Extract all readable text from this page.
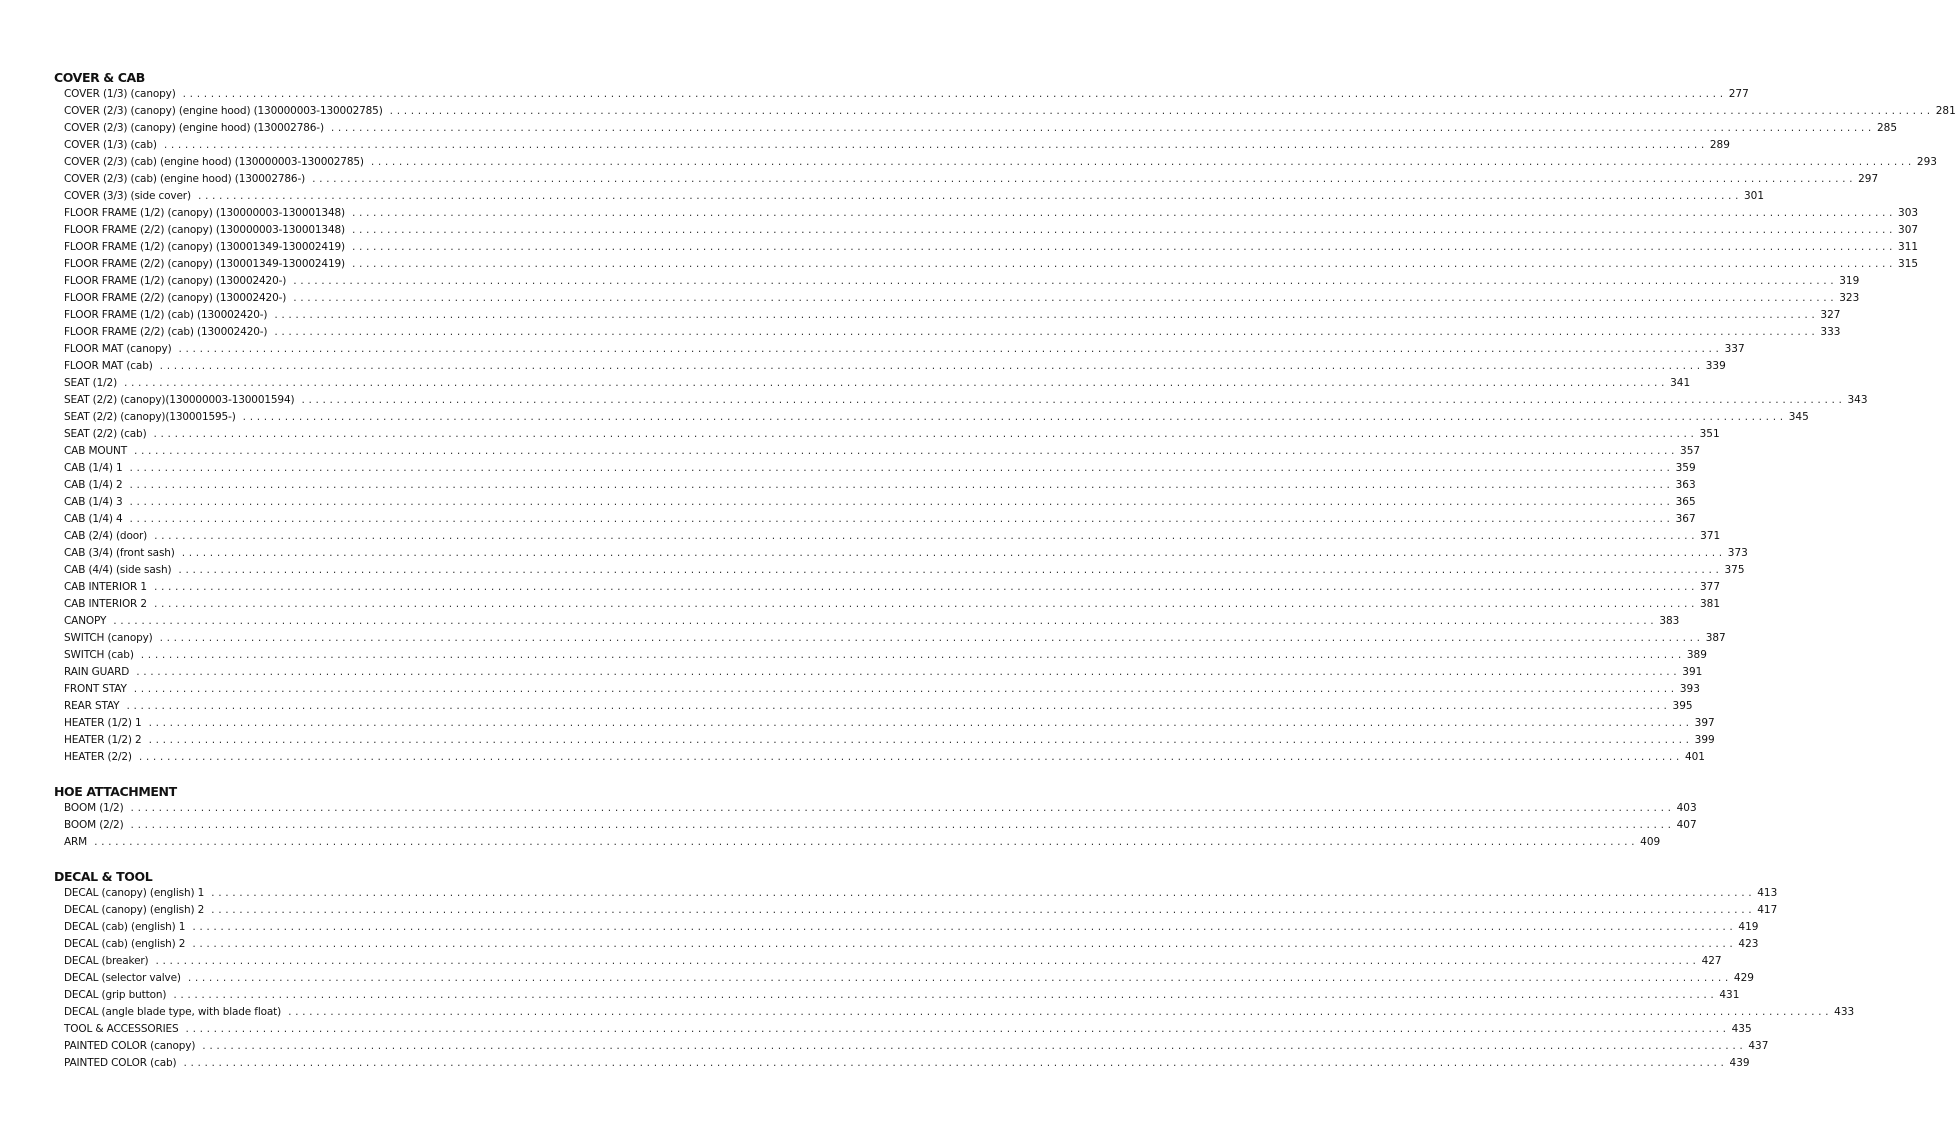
COVER & CAB
COVER (1/3) (canopy) ............................................................................................................................................................................................................................ 277
COVER (2/3) (canopy) (engine hood) (130000003-130002785) ............................................................................................................................................................................................................................ 281
COVER (2/3) (canopy) (engine hood) (130002786-) ............................................................................................................................................................................................................................ 285
COVER (1/3) (cab) ............................................................................................................................................................................................................................ 289
COVER (2/3) (cab) (engine hood) (130000003-130002785) ............................................................................................................................................................................................................................ 293
COVER (2/3) (cab) (engine hood) (130002786-) ............................................................................................................................................................................................................................ 297
COVER (3/3) (side cover) ............................................................................................................................................................................................................................ 301
FLOOR FRAME (1/2) (canopy) (130000003-130001348) ............................................................................................................................................................................................................................ 303
FLOOR FRAME (2/2) (canopy) (130000003-130001348) ............................................................................................................................................................................................................................ 307
FLOOR FRAME (1/2) (canopy) (130001349-130002419) ............................................................................................................................................................................................................................ 311
FLOOR FRAME (2/2) (canopy) (130001349-130002419) ............................................................................................................................................................................................................................ 315
FLOOR FRAME (1/2) (canopy) (130002420-) ............................................................................................................................................................................................................................ 319
FLOOR FRAME (2/2) (canopy) (130002420-) ............................................................................................................................................................................................................................ 323
FLOOR FRAME (1/2) (cab) (130002420-) ............................................................................................................................................................................................................................ 327
FLOOR FRAME (2/2) (cab) (130002420-) ............................................................................................................................................................................................................................ 333
FLOOR MAT (canopy) ............................................................................................................................................................................................................................ 337
FLOOR MAT (cab) ............................................................................................................................................................................................................................ 339
SEAT (1/2) ............................................................................................................................................................................................................................ 341
SEAT (2/2) (canopy)(130000003-130001594) ............................................................................................................................................................................................................................ 343
SEAT (2/2) (canopy)(130001595-) ............................................................................................................................................................................................................................ 345
SEAT (2/2) (cab) ............................................................................................................................................................................................................................ 351
CAB MOUNT ............................................................................................................................................................................................................................ 357
CAB (1/4) 1 ............................................................................................................................................................................................................................ 359
CAB (1/4) 2 ............................................................................................................................................................................................................................ 363
CAB (1/4) 3 ............................................................................................................................................................................................................................ 365
CAB (1/4) 4 ............................................................................................................................................................................................................................ 367
CAB (2/4) (door) ............................................................................................................................................................................................................................ 371
CAB (3/4) (front sash) ............................................................................................................................................................................................................................ 373
CAB (4/4) (side sash) ............................................................................................................................................................................................................................ 375
CAB INTERIOR 1 ............................................................................................................................................................................................................................ 377
CAB INTERIOR 2 ............................................................................................................................................................................................................................ 381
CANOPY ............................................................................................................................................................................................................................ 383
SWITCH (canopy) ............................................................................................................................................................................................................................ 387
SWITCH (cab) ............................................................................................................................................................................................................................ 389
RAIN GUARD ............................................................................................................................................................................................................................ 391
FRONT STAY ............................................................................................................................................................................................................................ 393
REAR STAY ............................................................................................................................................................................................................................ 395
HEATER (1/2) 1 ............................................................................................................................................................................................................................ 397
HEATER (1/2) 2 ............................................................................................................................................................................................................................ 399
HEATER (2/2) ............................................................................................................................................................................................................................ 401
HOE ATTACHMENT
BOOM (1/2) ............................................................................................................................................................................................................................ 403
BOOM (2/2) ............................................................................................................................................................................................................................ 407
ARM ............................................................................................................................................................................................................................ 409
DECAL & TOOL
DECAL (canopy) (english) 1 ............................................................................................................................................................................................................................ 413
DECAL (canopy) (english) 2 ............................................................................................................................................................................................................................ 417
DECAL (cab) (english) 1 ............................................................................................................................................................................................................................ 419
DECAL (cab) (english) 2 ............................................................................................................................................................................................................................ 423
DECAL (breaker) ............................................................................................................................................................................................................................ 427
DECAL (selector valve) ............................................................................................................................................................................................................................ 429
DECAL (grip button) ............................................................................................................................................................................................................................ 431
DECAL (angle blade type, with blade float) ............................................................................................................................................................................................................................ 433
TOOL & ACCESSORIES ............................................................................................................................................................................................................................ 435
PAINTED COLOR (canopy) ............................................................................................................................................................................................................................ 437
PAINTED COLOR (cab) ............................................................................................................................................................................................................................ 439
